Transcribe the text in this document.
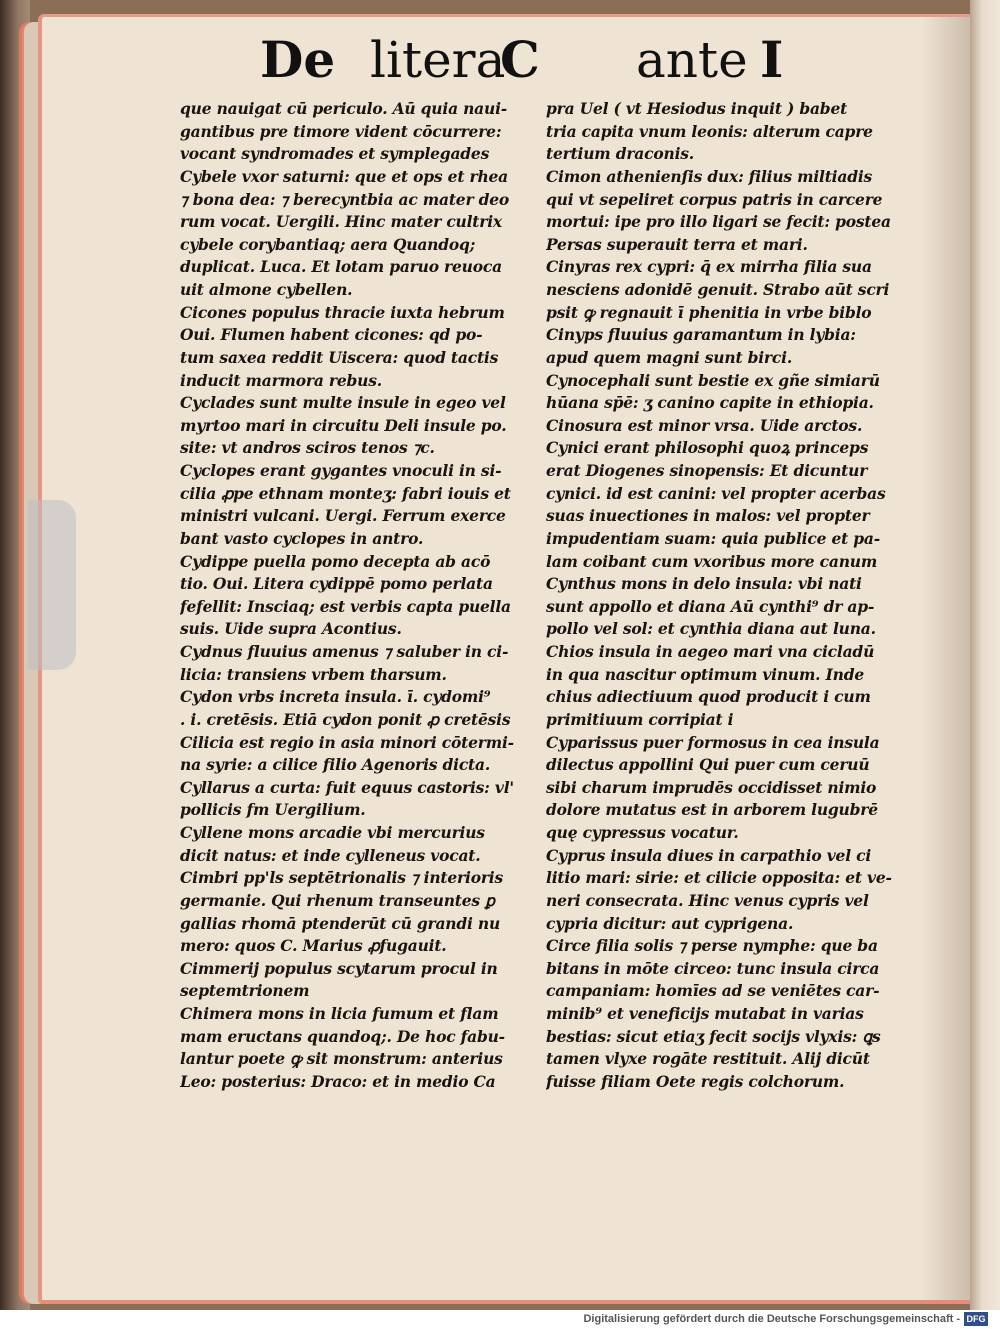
De litera
C ante I
que nauigat cū periculo. Aū quia naui-
gantibus pre timore vident cōcurrere:
vocant syndromades et symplegades
Cybele vxor saturni: que et ops et rhea
⁊ bona dea: ⁊ berecyntbia ac mater deo
rum vocat. Uergili. Hinc mater cultrix
cybele corybantiaq; aera Quandoq;
duplicat. Luca. Et lotam paruo reuoca
uit almone cybellen.
Cicones populus thracie iuxta hebrum
Oui. Flumen habent cicones: qd po-
tum saxea reddit Uiscera: quod tactis
inducit marmora rebus.
Cyclades sunt multe insule in egeo vel
myrtoo mari in circuitu Deli insule po.
site: vt andros sciros tenos ⁊c.
Cyclopes erant gygantes vnoculi in si-
cilia ꝓpe ethnam monteʒ: fabri iouis et
ministri vulcani. Uergi. Ferrum exerce
bant vasto cyclopes in antro.
Cydippe puella pomo decepta ab acō
tio. Oui. Litera cydippē pomo perlata
fefellit: Insciaq; est verbis capta puella
suis. Uide supra Acontius.
Cydnus fluuius amenus ⁊ saluber in ci-
licia: transiens vrbem tharsum.
Cydon vrbs increta insula. ī. cydomi⁹
. i. cretēsis. Etiā cydon ponit ꝓ cretēsis
Cilicia est regio in asia minori cōtermi-
na syrie: a cilice filio Agenoris dicta.
Cyllarus a curta: fuit equus castoris: vl'
pollicis fm Uergilium.
Cyllene mons arcadie vbi mercurius
dicit natus: et inde cylleneus vocat.
Cimbri pp'ls septētrionalis ⁊ interioris
germanie. Qui rhenum transeuntes ꝑ
gallias rhomā ptenderūt cū grandi nu
mero: quos C. Marius ꝓfugauit.
Cimmerij populus scytarum procul in
septemtrionem
Chimera mons in licia fumum et flam
mam eructans quandoq;. De hoc fabu-
lantur poete ꝙ sit monstrum: anterius
Leo: posterius: Draco: et in medio Ca
pra Uel ( vt Hesiodus inquit ) babet
tria capita vnum leonis: alterum capre
tertium draconis.
Cimon athenienſis dux: filius miltiadis
qui vt sepeliret corpus patris in carcere
mortui: ipe pro illo ligari se fecit: postea
Persas superauit terra et mari.
Cinyras rex cypri: q̄ ex mirrha filia sua
nesciens adonidē genuit. Strabo aūt scri
psit ꝙ regnauit ī phenitia in vrbe biblo
Cinyps fluuius garamantum in lybia:
apud quem magni sunt birci.
Cynocephali sunt bestie ex gñe simiarū
hūana sp̄ē: ʒ canino capite in ethiopia.
Cinosura est minor vrsa. Uide arctos.
Cynici erant philosophi quoꝝ princeps
erat Diogenes sinopensis: Et dicuntur
cynici. id est canini: vel propter acerbas
suas inuectiones in malos: vel propter
impudentiam suam: quia publice et pa-
lam coibant cum vxoribus more canum
Cynthus mons in delo insula: vbi nati
sunt appollo et diana Aū cynthi⁹ dr ap-
pollo vel sol: et cynthia diana aut luna.
Chios insula in aegeo mari vna cicladū
in qua nascitur optimum vinum. Inde
chius adiectiuum quod producit i cum
primitiuum corripiat i
Cyparissus puer formosus in cea insula
dilectus appollini Qui puer cum ceruū
sibi charum imprudēs occidisset nimio
dolore mutatus est in arborem lugubrē
quę cypressus vocatur.
Cyprus insula diues in carpathio vel ci
litio mari: sirie: et cilicie opposita: et ve-
neri consecrata. Hinc venus cypris vel
cypria dicitur: aut cyprigena.
Circe filia solis ⁊ perse nymphe: que ba
bitans in mōte circeo: tunc insula circa
campaniam: homīes ad se veniētes car-
minib⁹ et veneficijs mutabat in varias
bestias: sicut etiaʒ fecit socijs vlyxis: ꝗs
tamen vlyxe rogāte restituit. Alij dicūt
fuisse filiam Oete regis colchorum.
Digitalisierung gefördert durch die Deutsche Forschungsgemeinschaft - DFG
